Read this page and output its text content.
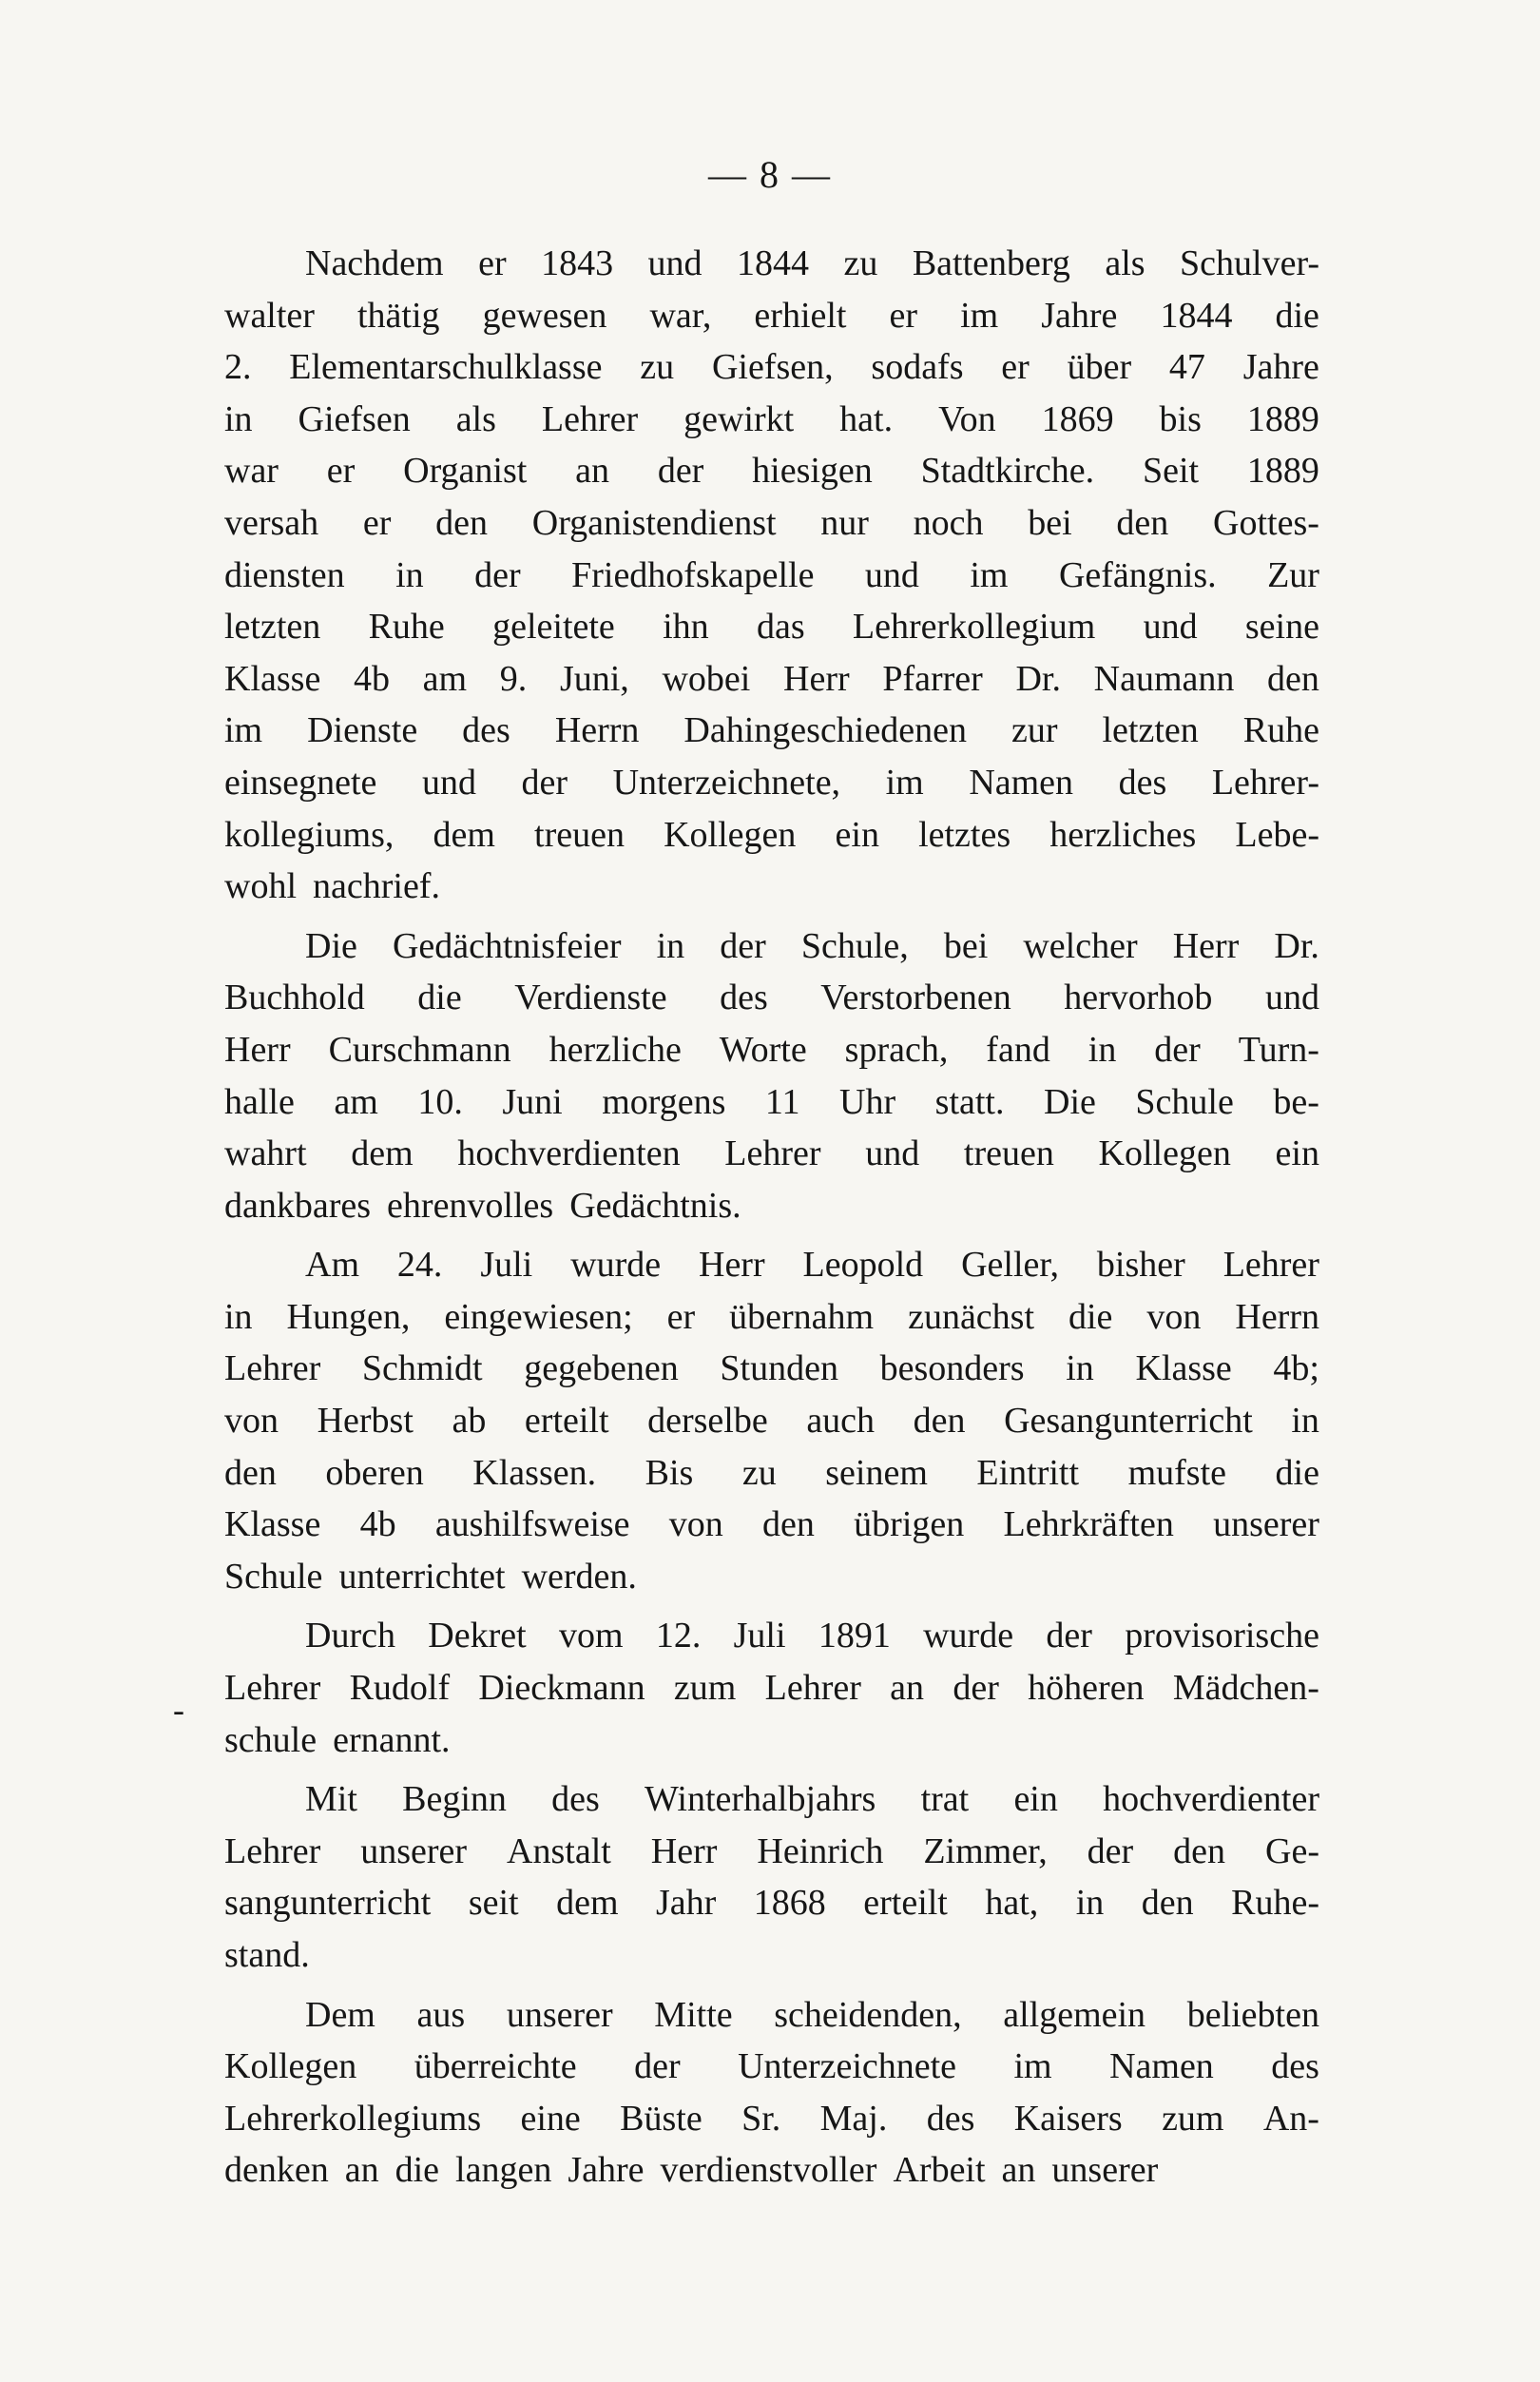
— 8 —
-
Nachdem er 1843 und 1844 zu Battenberg als Schulver-
walter thätig gewesen war, erhielt er im Jahre 1844 die
2. Elementarschulklasse zu Giefsen, sodafs er über 47 Jahre
in Giefsen als Lehrer gewirkt hat. Von 1869 bis 1889
war er Organist an der hiesigen Stadtkirche. Seit 1889
versah er den Organistendienst nur noch bei den Gottes-
diensten in der Friedhofskapelle und im Gefängnis. Zur
letzten Ruhe geleitete ihn das Lehrerkollegium und seine
Klasse 4b am 9. Juni, wobei Herr Pfarrer Dr. Naumann den
im Dienste des Herrn Dahingeschiedenen zur letzten Ruhe
einsegnete und der Unterzeichnete, im Namen des Lehrer-
kollegiums, dem treuen Kollegen ein letztes herzliches Lebe-
wohl nachrief.
Die Gedächtnisfeier in der Schule, bei welcher Herr Dr.
Buchhold die Verdienste des Verstorbenen hervorhob und
Herr Curschmann herzliche Worte sprach, fand in der Turn-
halle am 10. Juni morgens 11 Uhr statt. Die Schule be-
wahrt dem hochverdienten Lehrer und treuen Kollegen ein
dankbares ehrenvolles Gedächtnis.
Am 24. Juli wurde Herr Leopold Geller, bisher Lehrer
in Hungen, eingewiesen; er übernahm zunächst die von Herrn
Lehrer Schmidt gegebenen Stunden besonders in Klasse 4b;
von Herbst ab erteilt derselbe auch den Gesangunterricht in
den oberen Klassen. Bis zu seinem Eintritt mufste die
Klasse 4b aushilfsweise von den übrigen Lehrkräften unserer
Schule unterrichtet werden.
Durch Dekret vom 12. Juli 1891 wurde der provisorische
Lehrer Rudolf Dieckmann zum Lehrer an der höheren Mädchen-
schule ernannt.
Mit Beginn des Winterhalbjahrs trat ein hochverdienter
Lehrer unserer Anstalt Herr Heinrich Zimmer, der den Ge-
sangunterricht seit dem Jahr 1868 erteilt hat, in den Ruhe-
stand.
Dem aus unserer Mitte scheidenden, allgemein beliebten
Kollegen überreichte der Unterzeichnete im Namen des
Lehrerkollegiums eine Büste Sr. Maj. des Kaisers zum An-
denken an die langen Jahre verdienstvoller Arbeit an unserer
